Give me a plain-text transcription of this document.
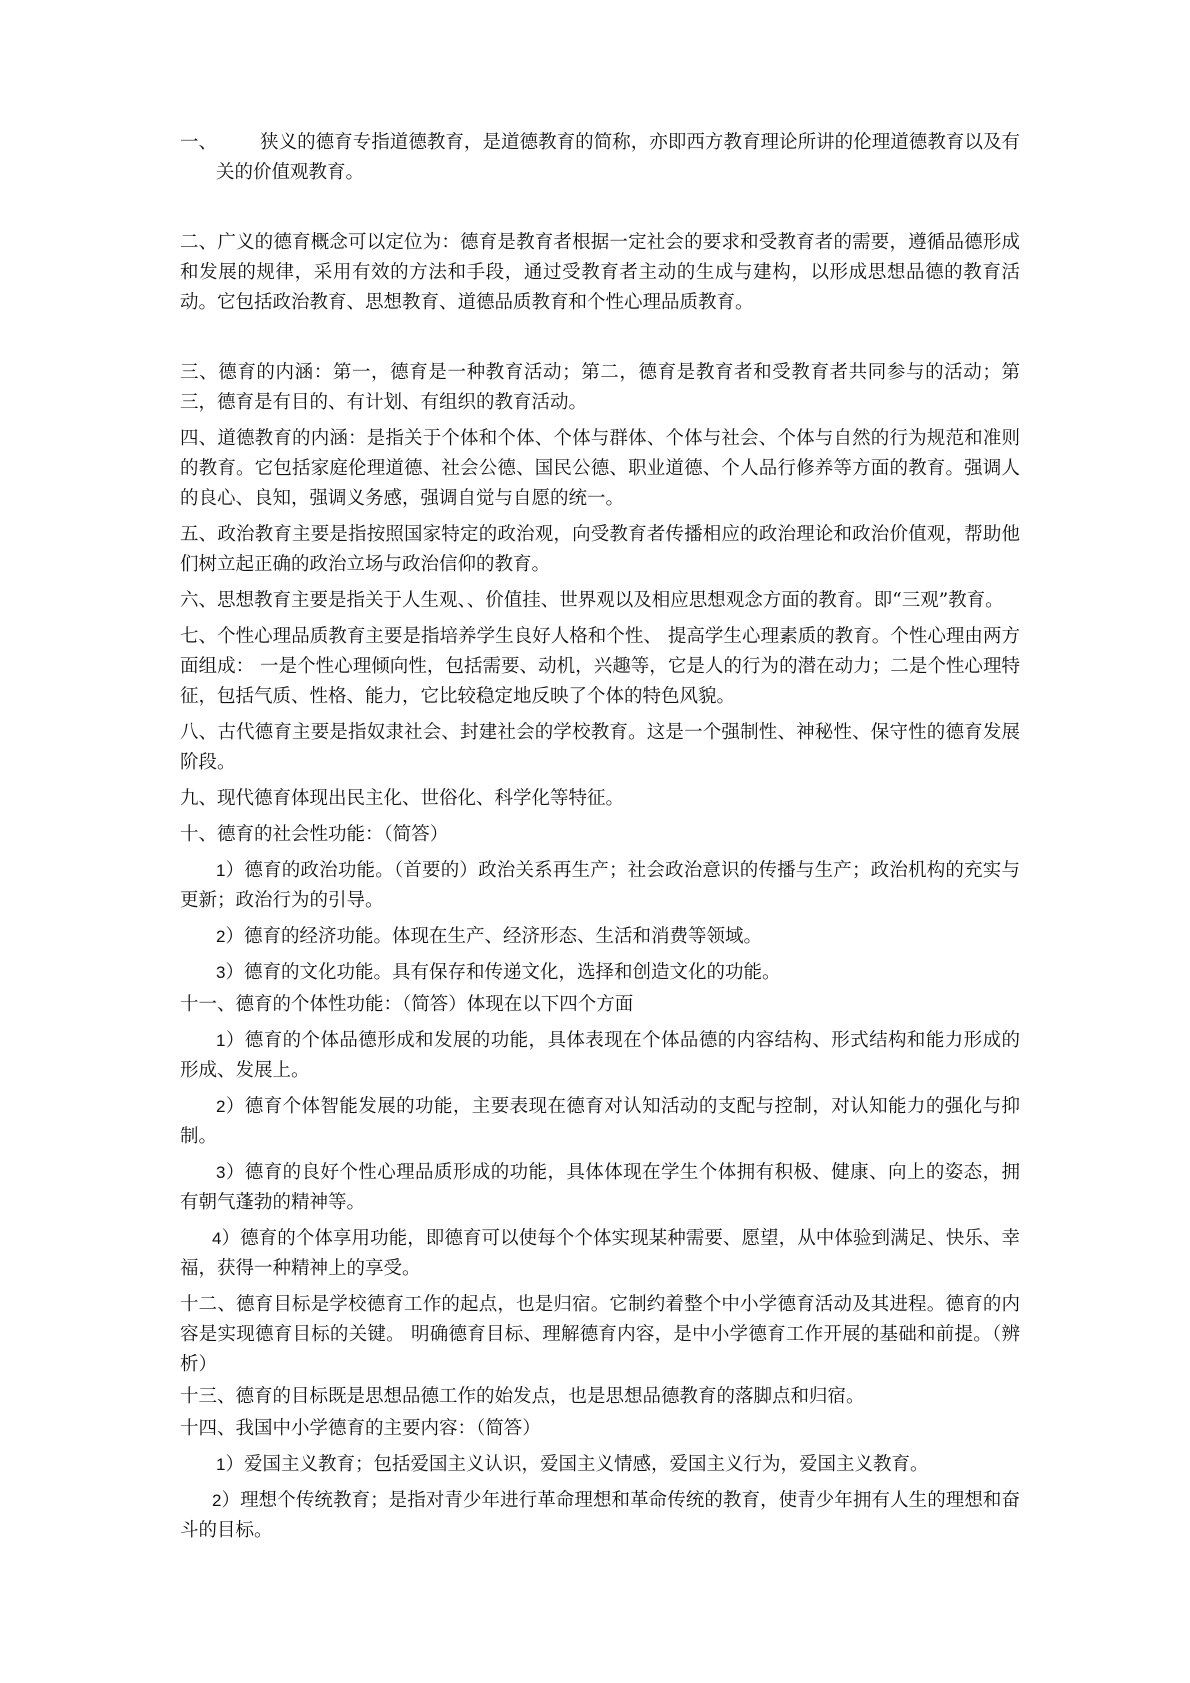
一、 狭义的德育专指道德教育，是道德教育的简称，亦即西方教育理论所讲的伦理道德教育以及有关的价值观教育。

二、广义的德育概念可以定位为：德育是教育者根据一定社会的要求和受教育者的需要，遵循品德形成和发展的规律，采用有效的方法和手段，通过受教育者主动的生成与建构，以形成思想品德的教育活动。它包括政治教育、思想教育、道德品质教育和个性心理品质教育。

三、德育的内涵：第一，德育是一种教育活动；第二，德育是教育者和受教育者共同参与的活动；第三，德育是有目的、有计划、有组织的教育活动。

四、道德教育的内涵：是指关于个体和个体、个体与群体、个体与社会、个体与自然的行为规范和准则的教育。它包括家庭伦理道德、社会公德、国民公德、职业道德、个人品行修养等方面的教育。强调人的良心、良知，强调义务感，强调自觉与自愿的统一。

五、政治教育主要是指按照国家特定的政治观，向受教育者传播相应的政治理论和政治价值观，帮助他们树立起正确的政治立场与政治信仰的教育。

六、思想教育主要是指关于人生观、、价值挂、世界观以及相应思想观念方面的教育。即“三观”教育。

七、个性心理品质教育主要是指培养学生良好人格和个性、 提高学生心理素质的教育。个性心理由两方面组成： 一是个性心理倾向性，包括需要、动机，兴趣等，它是人的行为的潜在动力；二是个性心理特征，包括气质、性格、能力，它比较稳定地反映了个体的特色风貌。

八、古代德育主要是指奴隶社会、封建社会的学校教育。这是一个强制性、神秘性、保守性的德育发展阶段。

九、现代德育体现出民主化、世俗化、科学化等特征。

十、德育的社会性功能：（简答）

1）德育的政治功能。（首要的）政治关系再生产；社会政治意识的传播与生产；政治机构的充实与更新；政治行为的引导。

2）德育的经济功能。体现在生产、经济形态、生活和消费等领域。

3）德育的文化功能。具有保存和传递文化，选择和创造文化的功能。

十一、德育的个体性功能：（简答）体现在以下四个方面

1）德育的个体品德形成和发展的功能，具体表现在个体品德的内容结构、形式结构和能力形成的形成、发展上。

2）德育个体智能发展的功能，主要表现在德育对认知活动的支配与控制，对认知能力的强化与抑制。

3）德育的良好个性心理品质形成的功能，具体体现在学生个体拥有积极、健康、向上的姿态，拥有朝气蓬勃的精神等。

4）德育的个体享用功能，即德育可以使每个个体实现某种需要、愿望，从中体验到满足、快乐、幸福，获得一种精神上的享受。

十二、德育目标是学校德育工作的起点，也是归宿。它制约着整个中小学德育活动及其进程。德育的内容是实现德育目标的关键。 明确德育目标、理解德育内容，是中小学德育工作开展的基础和前提。（辨析）

十三、德育的目标既是思想品德工作的始发点，也是思想品德教育的落脚点和归宿。

十四、我国中小学德育的主要内容：（简答）

1）爱国主义教育；包括爱国主义认识，爱国主义情感，爱国主义行为，爱国主义教育。

2）理想个传统教育；是指对青少年进行革命理想和革命传统的教育，使青少年拥有人生的理想和奋斗的目标。
